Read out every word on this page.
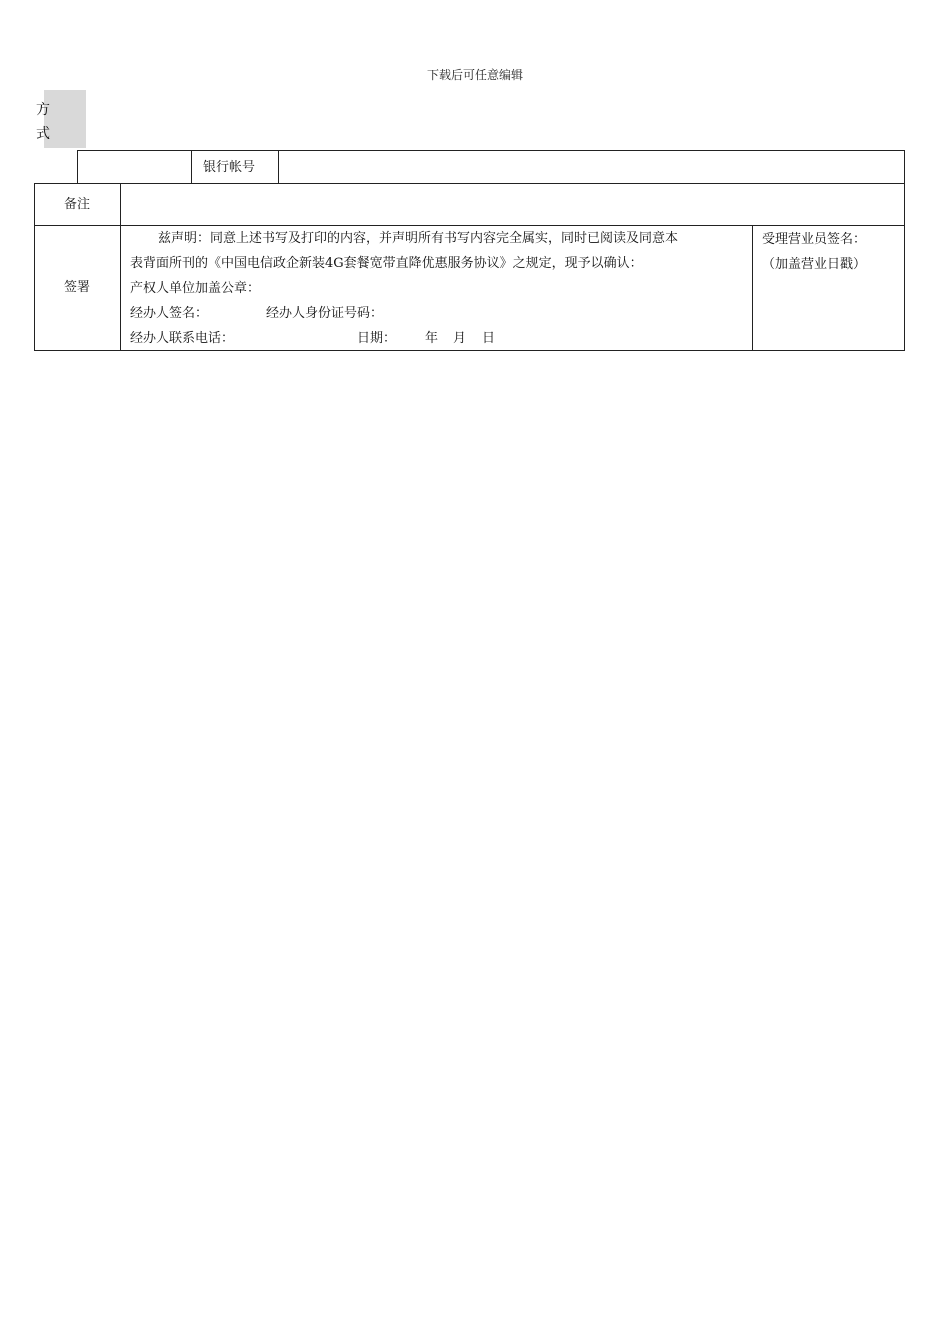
下载后可任意编辑
方
式
银行帐号
备注
签署
受理营业员签名：
（加盖营业日戳）
兹声明：同意上述书写及打印的内容，并声明所有书写内容完全属实，同时已阅读及同意本
表背面所刊的《中国电信政企新装4G套餐宽带直降优惠服务协议》之规定，现予以确认：
产权人单位加盖公章：
经办人签名：	经办人身份证号码：
经办人联系电话：	日期： 年 月 日
